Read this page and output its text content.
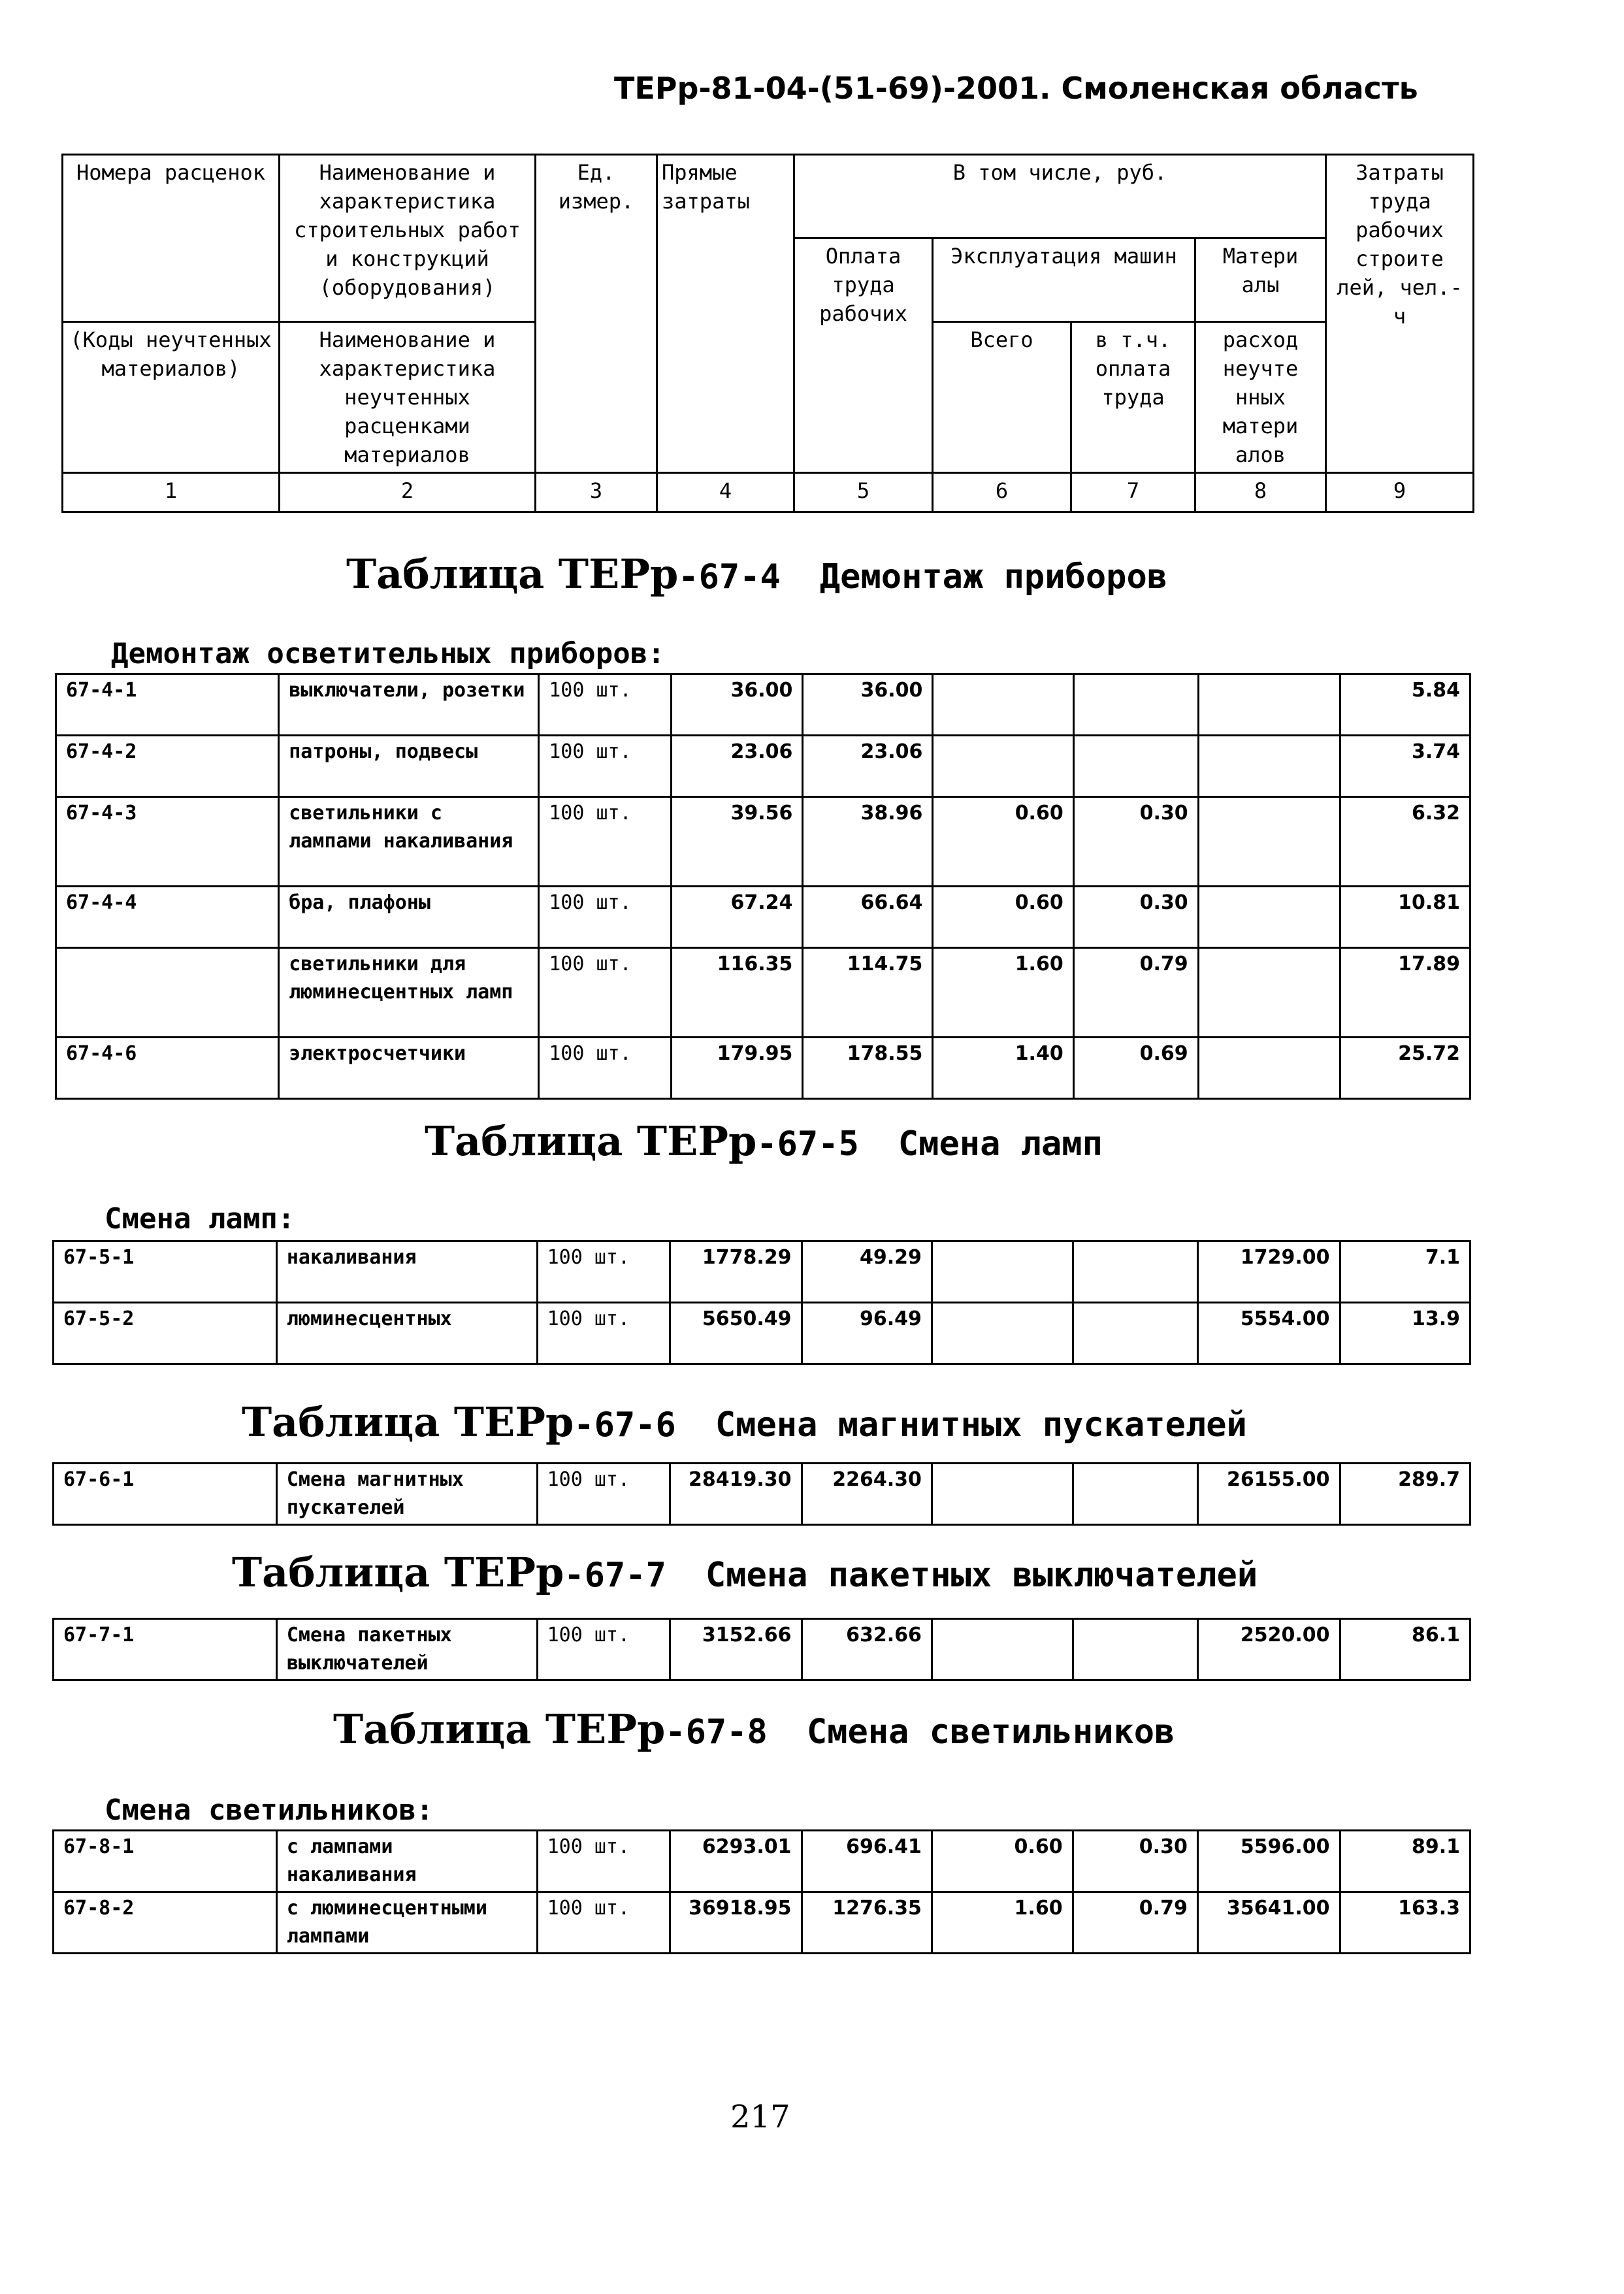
ТЕРр-81-04-(51-69)-2001. Смоленская область
Номера расценок	Наименование и характеристика строительных работ и конструкций (оборудования)	Ед. измер.	Прямые затраты	В том числе, руб.				Затраты труда рабочих строите лей, чел.-ч
				Оплата труда рабочих	Эксплуатация машин		Матери алы	
(Коды неучтенных материалов)	Наименование и характеристика неучтенных расценками материалов				Всего	в т.ч. оплата труда	расход неучте нных матери алов	

1	2	3	4	5	6	7	8	9
Таблица ТЕРр-67-4 Демонтаж приборов
Демонтаж осветительных приборов:
67-4-1	выключатели, розетки	100 шт.	36.00	36.00				5.84
67-4-2	патроны, подвесы	100 шт.	23.06	23.06				3.74
67-4-3	светильники с лампами накаливания	100 шт.	39.56	38.96	0.60	0.30		6.32
67-4-4	бра, плафоны	100 шт.	67.24	66.64	0.60	0.30		10.81
	светильники для люминесцентных ламп	100 шт.	116.35	114.75	1.60	0.79		17.89
67-4-6	электросчетчики	100 шт.	179.95	178.55	1.40	0.69		25.72
Таблица ТЕРр-67-5 Смена ламп
Смена ламп:
67-5-1	накаливания	100 шт.	1778.29	49.29			1729.00	7.1
67-5-2	люминесцентных	100 шт.	5650.49	96.49			5554.00	13.9
Таблица ТЕРр-67-6 Смена магнитных пускателей
67-6-1	Смена магнитных пускателей	100 шт.	28419.30	2264.30			26155.00	289.7
Таблица ТЕРр-67-7 Смена пакетных выключателей
67-7-1	Смена пакетных выключателей	100 шт.	3152.66	632.66			2520.00	86.1
Таблица ТЕРр-67-8 Смена светильников
Смена светильников:
67-8-1	с лампами накаливания	100 шт.	6293.01	696.41	0.60	0.30	5596.00	89.1
67-8-2	с люминесцентными лампами	100 шт.	36918.95	1276.35	1.60	0.79	35641.00	163.3
217
